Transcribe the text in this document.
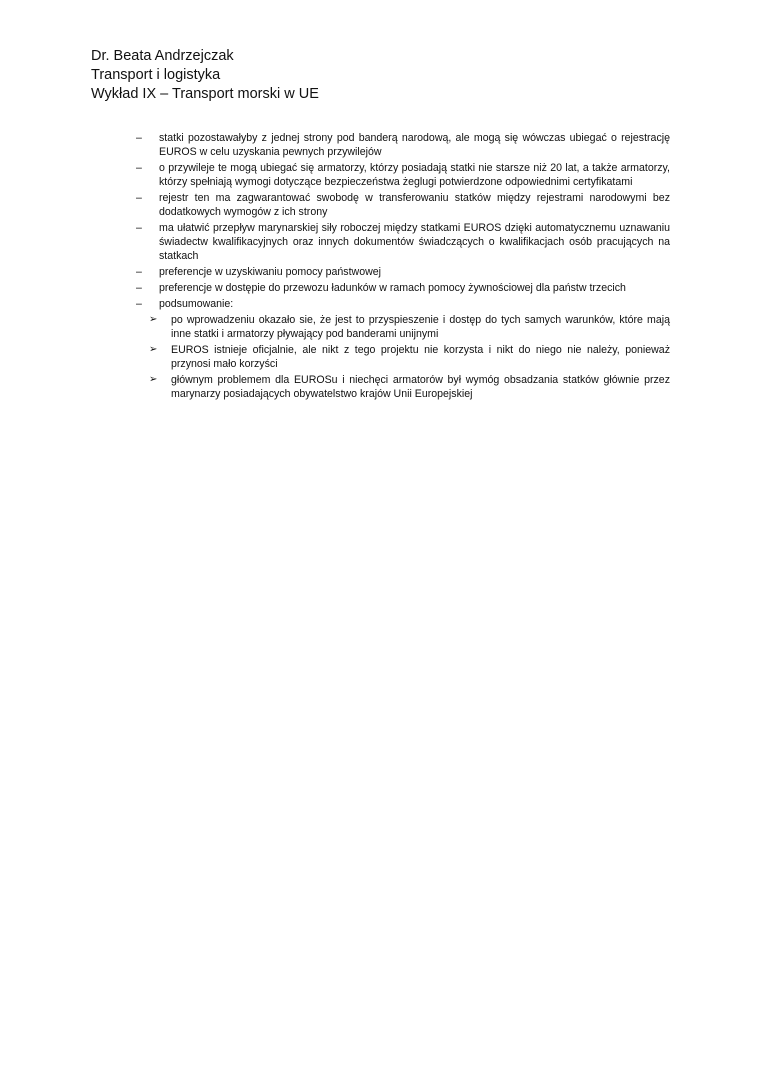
Dr. Beata Andrzejczak

Transport i logistyka

Wykład IX – Transport morski w UE

–	statki pozostawałyby z jednej strony pod banderą narodową, ale mogą się wówczas ubiegać o rejestrację EUROS w celu uzyskania pewnych przywilejów
–	o przywileje te mogą ubiegać się armatorzy, którzy posiadają statki nie starsze niż 20 lat, a także armatorzy, którzy spełniają wymogi dotyczące bezpieczeństwa żeglugi potwierdzone odpowiednimi certyfikatami
–	rejestr ten ma zagwarantować swobodę w transferowaniu statków między rejestrami narodowymi bez dodatkowych wymogów z ich strony
–	ma ułatwić przepływ marynarskiej siły roboczej między statkami EUROS dzięki automatycznemu uznawaniu świadectw kwalifikacyjnych oraz innych dokumentów świadczących o kwalifikacjach osób pracujących na statkach
–	preferencje w uzyskiwaniu pomocy państwowej
–	preferencje w dostępie do przewozu ładunków w ramach pomocy żywnościowej dla państw trzecich
–	podsumowanie:
➢	po wprowadzeniu okazało sie, że jest to przyspieszenie i dostęp do tych samych warunków, które mają inne statki i armatorzy pływający pod banderami unijnymi
➢	EUROS istnieje oficjalnie, ale nikt z tego projektu nie korzysta i nikt do niego nie należy, ponieważ przynosi mało korzyści
➢	głównym problemem dla EUROSu i niechęci armatorów był wymóg obsadzania statków głównie przez marynarzy posiadających obywatelstwo krajów Unii Europejskiej
